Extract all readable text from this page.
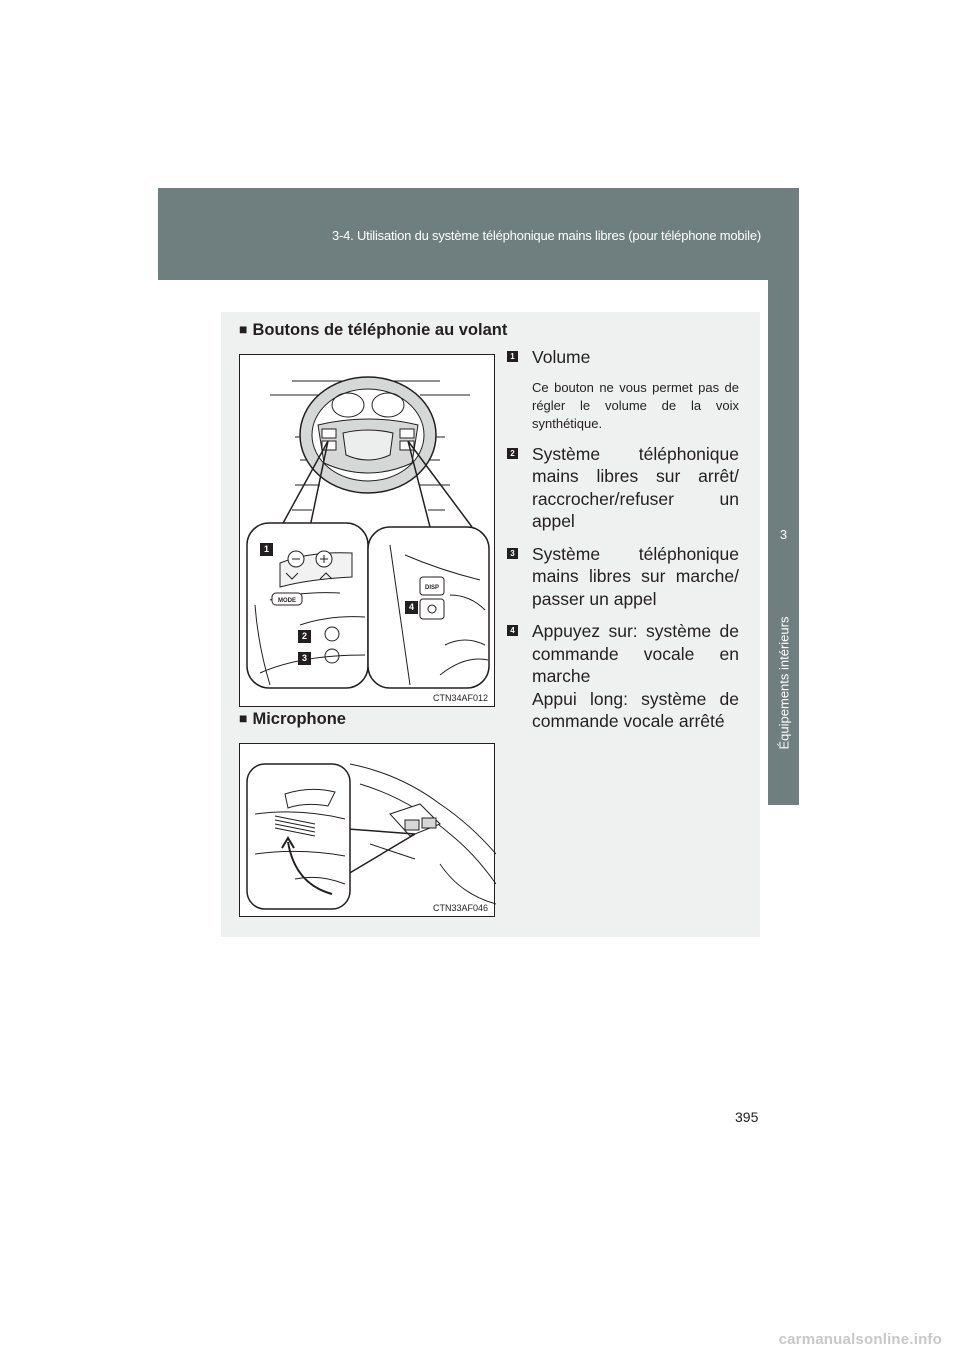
3-4. Utilisation du système téléphonique mains libres (pour téléphone mobile)
3
Équipements intérieurs
■ Boutons de téléphonie au volant
MODE
DISP
1
2
3
4
CTN34AF012
■ Microphone
CTN33AF046
1 Volume
Ce bouton ne vous permet pas de régler le volume de la voix synthétique.
2 Système téléphonique mains libres sur arrêt/ raccrocher/refuser un appel
3 Système téléphonique mains libres sur marche/ passer un appel
4 Appuyez sur: système de commande vocale en marche
Appui long: système de commande vocale arrêté
395
carmanualsonline.info
